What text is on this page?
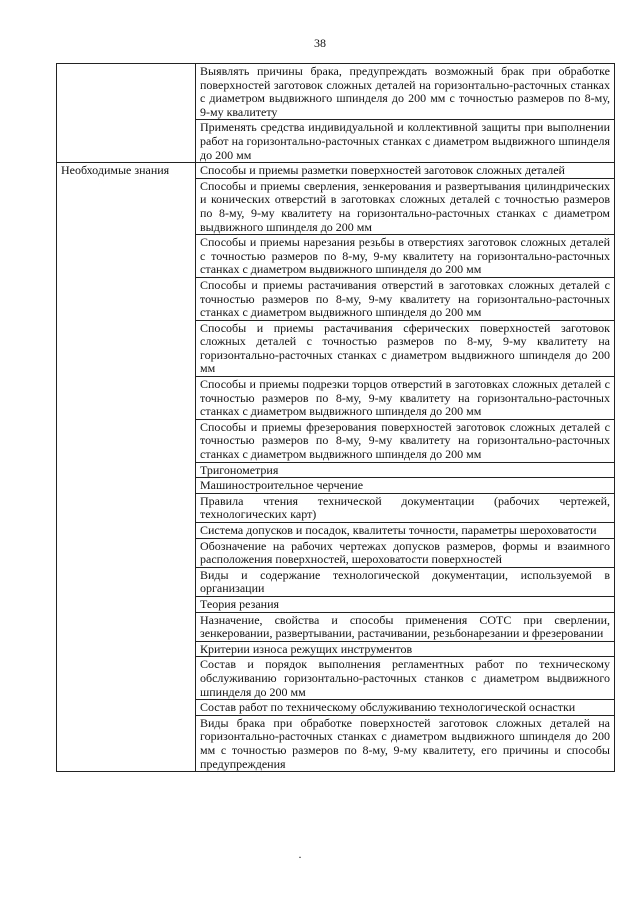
38
	Выявлять причины брака, предупреждать возможный брак при обработке поверхностей заготовок сложных деталей на горизонтально-расточных станках с диаметром выдвижного шпинделя до 200 мм с точностью размеров по 8-му, 9-му квалитету
	Применять средства индивидуальной и коллективной защиты при выполнении работ на горизонтально-расточных станках с диаметром выдвижного шпинделя до 200 мм
Необходимые знания	Способы и приемы разметки поверхностей заготовок сложных деталей
	Способы и приемы сверления, зенкерования и развертывания цилиндрических и конических отверстий в заготовках сложных деталей с точностью размеров по 8-му, 9-му квалитету на горизонтально-расточных станках с диаметром выдвижного шпинделя до 200 мм
	Способы и приемы нарезания резьбы в отверстиях заготовок сложных деталей с точностью размеров по 8-му, 9-му квалитету на горизонтально-расточных станках с диаметром выдвижного шпинделя до 200 мм
	Способы и приемы растачивания отверстий в заготовках сложных деталей с точностью размеров по 8-му, 9-му квалитету на горизонтально-расточных станках с диаметром выдвижного шпинделя до 200 мм
	Способы и приемы растачивания сферических поверхностей заготовок сложных деталей с точностью размеров по 8-му, 9-му квалитету на горизонтально-расточных станках с диаметром выдвижного шпинделя до 200 мм
	Способы и приемы подрезки торцов отверстий в заготовках сложных деталей с точностью размеров по 8-му, 9-му квалитету на горизонтально-расточных станках с диаметром выдвижного шпинделя до 200 мм
	Способы и приемы фрезерования поверхностей заготовок сложных деталей с точностью размеров по 8-му, 9-му квалитету на горизонтально-расточных станках с диаметром выдвижного шпинделя до 200 мм
	Тригонометрия
	Машиностроительное черчение
	Правила чтения технической документации (рабочих чертежей, технологических карт)
	Система допусков и посадок, квалитеты точности, параметры шероховатости
	Обозначение на рабочих чертежах допусков размеров, формы и взаимного расположения поверхностей, шероховатости поверхностей
	Виды и содержание технологической документации, используемой в организации
	Теория резания
	Назначение, свойства и способы применения СОТС при сверлении, зенкеровании, развертывании, растачивании, резьбонарезании и фрезеровании
	Критерии износа режущих инструментов
	Состав и порядок выполнения регламентных работ по техническому обслуживанию горизонтально-расточных станков с диаметром выдвижного шпинделя до 200 мм
	Состав работ по техническому обслуживанию технологической оснастки
	Виды брака при обработке поверхностей заготовок сложных деталей на горизонтально-расточных станках с диаметром выдвижного шпинделя до 200 мм с точностью размеров по 8-му, 9-му квалитету, его причины и способы предупреждения
·
